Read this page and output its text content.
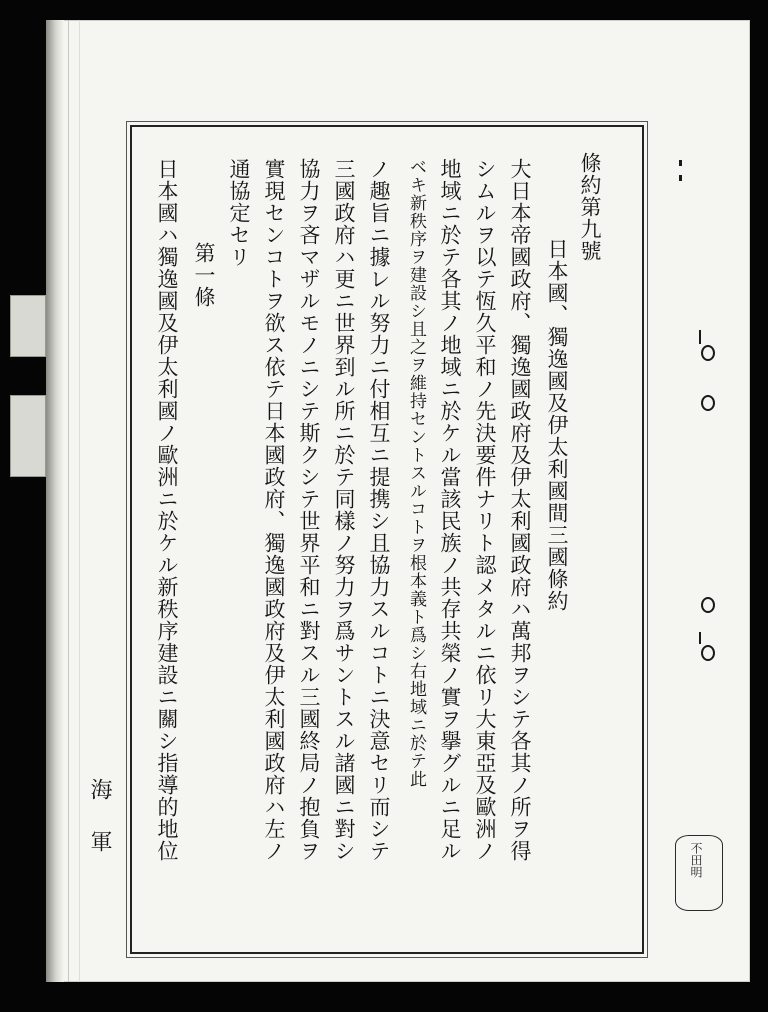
條約第九號
日本國、獨逸國及伊太利國間三國條約
大日本帝國政府、獨逸國政府及伊太利國政府ハ萬邦ヲシテ各其ノ所ヲ得
シムルヲ以テ恆久平和ノ先決要件ナリト認メタルニ依リ大東亞及歐洲ノ
地域ニ於テ各其ノ地域ニ於ケル當該民族ノ共存共榮ノ實ヲ擧グルニ足ル
ベキ新秩序ヲ建設シ且之ヲ維持セントスルコトヲ根本義ト爲シ右地域ニ於テ此
ノ趣旨ニ據レル努力ニ付相互ニ提携シ且協力スルコトニ決意セリ而シテ
三國政府ハ更ニ世界到ル所ニ於テ同樣ノ努力ヲ爲サントスル諸國ニ對シ
協力ヲ吝マザルモノニシテ斯クシテ世界平和ニ對スル三國終局ノ抱負ヲ
實現センコトヲ欲ス依テ日本國政府、獨逸國政府及伊太利國政府ハ左ノ
通協定セリ
第一條
日本國ハ獨逸國及伊太利國ノ歐洲ニ於ケル新秩序建設ニ關シ指導的地位
海軍	不田明
